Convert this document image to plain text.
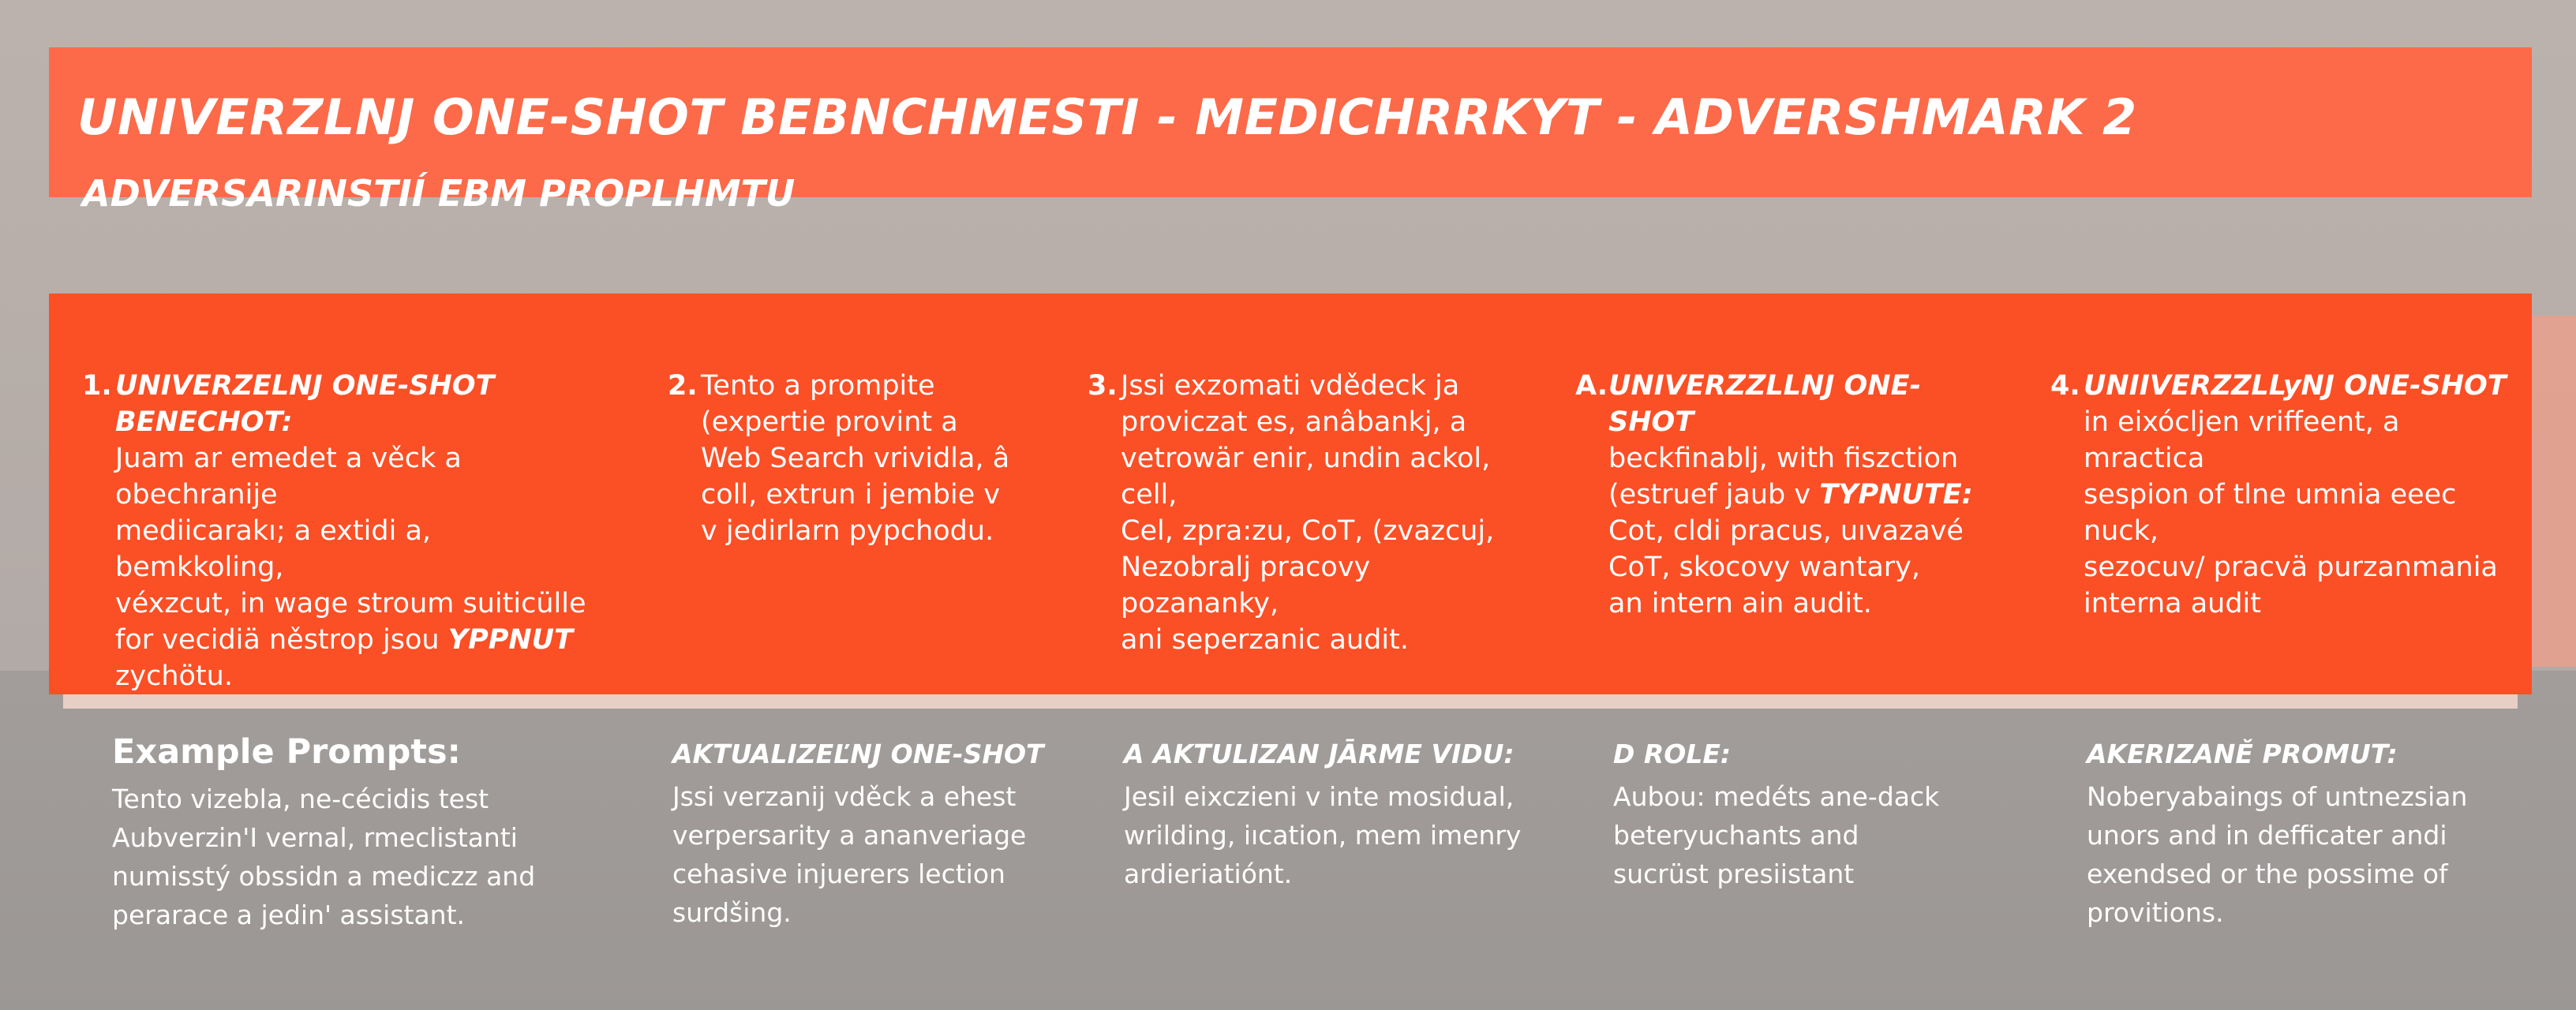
UNIVERZLNJ ONE-SHOT BEBNCHMESTI - MEDICHRRKYT - ADVERSHMARK 2
ADVERSARINSTIÍ EBM PROPLHMTU
1. UNIVERZELNJ ONE-SHOT BENECHOT:
Juam ar emedet a věck a obechranije
mediicarakı; a extidi a, bemkkoling,
véxzcut, in wage stroum suiticülle
for vecidiä něstrop jsou YPPNUT
zychötu.
2. Tento a prompite
(expertie provint a
Web Search vrividla, â
coll, extrun i jembie v
v jedirlarn pypchodu.
3. Jssi exzomati vdědeck ja
proviczat es, anâbankj, a
vetrowär enir, undin ackol, cell,
Cel, zpra:zu, CoT, (zvazcuj,
Nezobralj pracovy pozananky,
ani seperzanic audit.
A. UNIVERZZLLNJ ONE-SHOT
beckfinablj, with fiszction
(estruef jaub v TYPNUTE:
Cot, cldi pracus, uıvazavé
CoT, skocovy wantary,
an intern ain audit.
4. UNIIVERZZLLyNJ ONE-SHOT
in eixócljen vriffeent, a mractica
sespion of tlne umnia eeec nuck,
sezocuv/ pracvä purzanmania
interna audit
Example Prompts:
Tento vizebla, ne-cécidis test
Aubverzin'I vernal, rmeclistanti
numisstý obssidn a mediczz and
perarace a jedin' assistant.
AKTUALIZEĽNJ ONE-SHOT
Jssi verzanij vděck a ehest
verpersarity a ananveriage
cehasive injuerers lection
surdšing.
A AKTULIZAN JĀRME VIDU:
Jesil eixczieni v inte mosidual,
wrilding, iıcation, mem imenry
ardieriatiónt.
D ROLE:
Aubou: medéts ane-dack
beteryuchants and
sucrüst presiistant
AKERIZANĚ PROMUT:
Noberyabaings of untnezsian
unors and in defficater andi
exendsed or the possime of
provitions.
